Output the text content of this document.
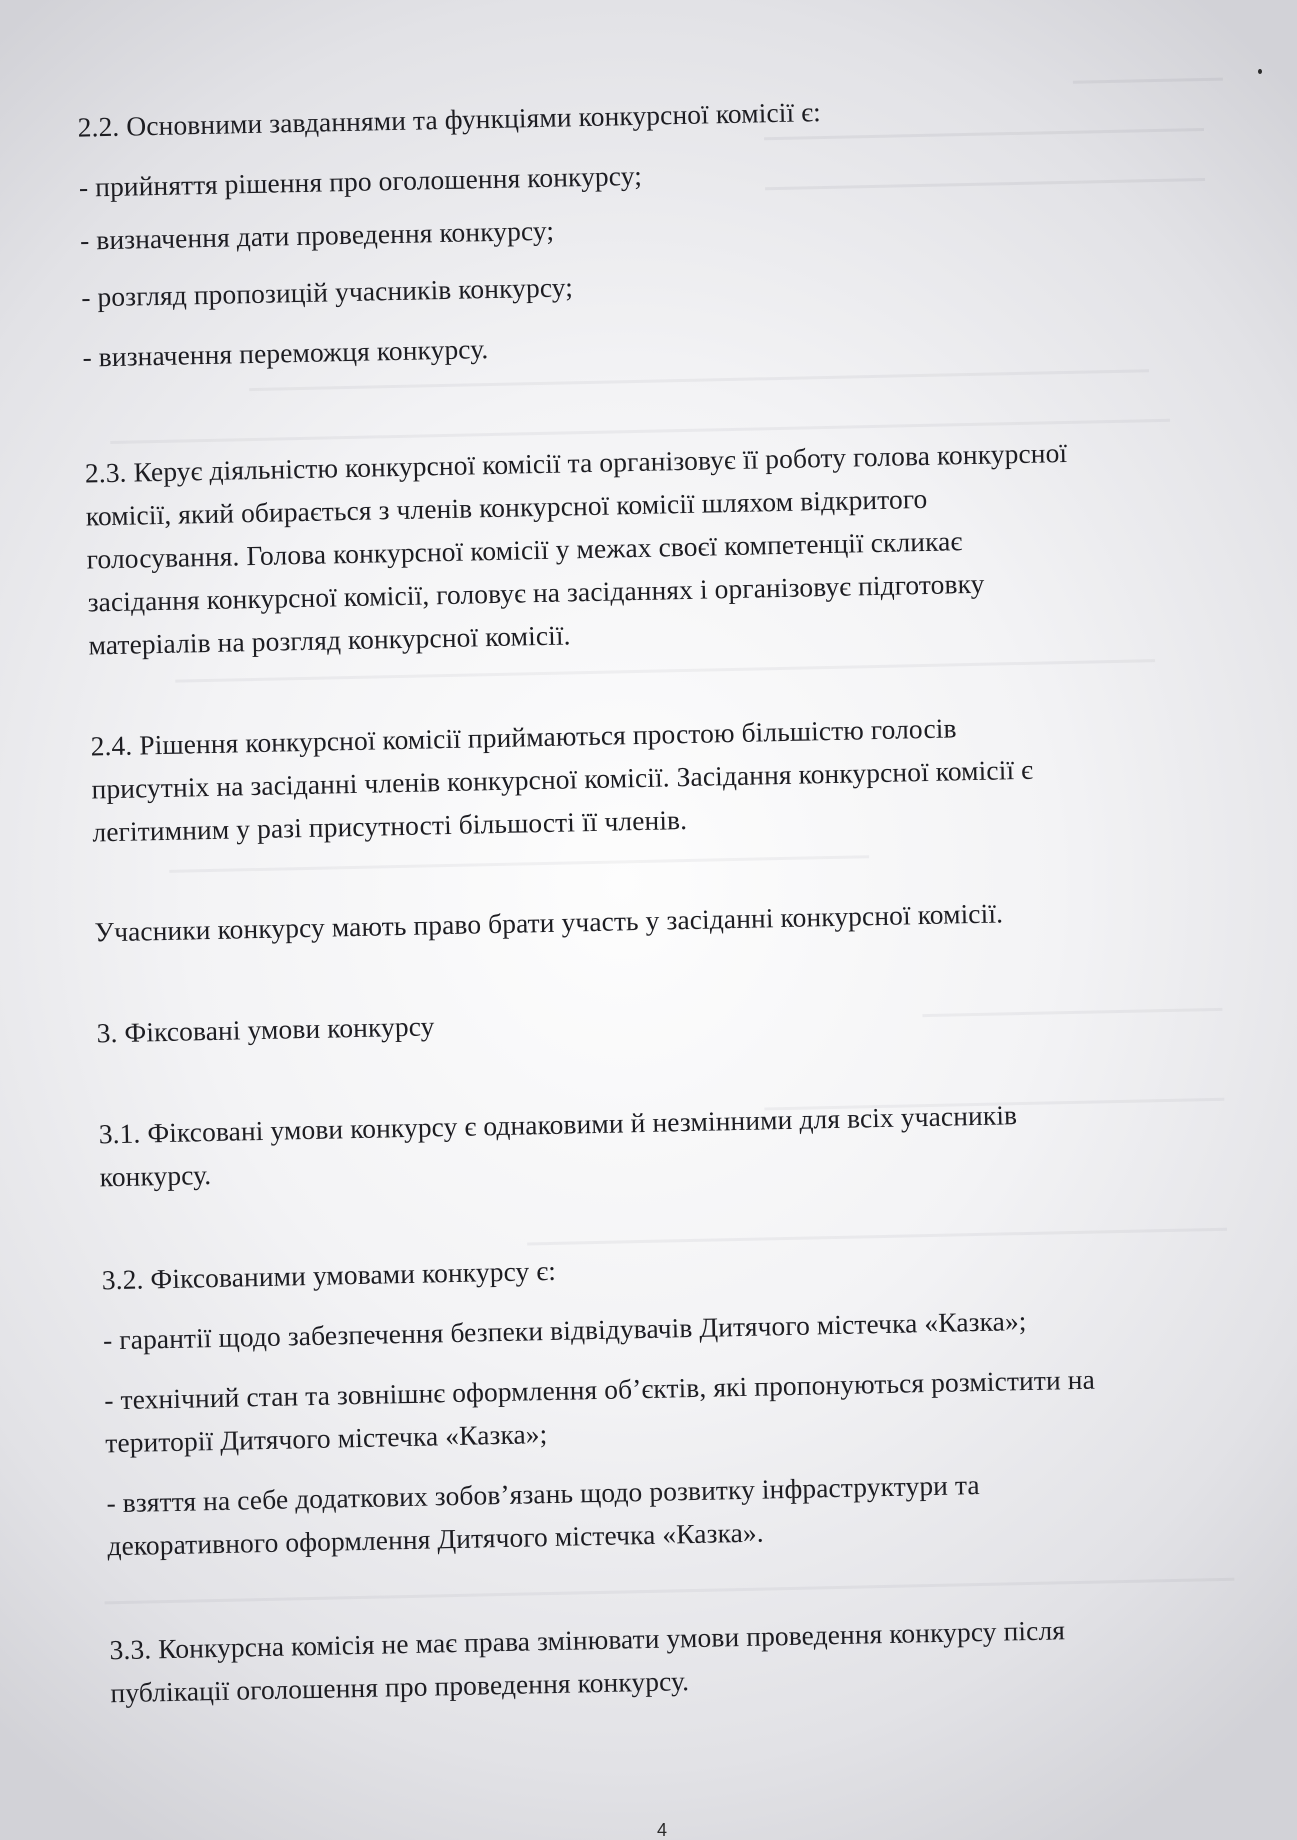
2.2. Основними завданнями та функціями конкурсної комісії є:
- прийняття рішення про оголошення конкурсу;
- визначення дати проведення конкурсу;
- розгляд пропозицій учасників конкурсу;
- визначення переможця конкурсу.
2.3. Керує діяльністю конкурсної комісії та організовує її роботу голова конкурсної
комісії, який обирається з членів конкурсної комісії шляхом відкритого
голосування. Голова конкурсної комісії у межах своєї компетенції скликає
засідання конкурсної комісії, головує на засіданнях і організовує підготовку
матеріалів на розгляд конкурсної комісії.
2.4. Рішення конкурсної комісії приймаються простою більшістю голосів
присутніх на засіданні членів конкурсної комісії. Засідання конкурсної комісії є
легітимним у разі присутності більшості її членів.
Учасники конкурсу мають право брати участь у засіданні конкурсної комісії.
3. Фіксовані умови конкурсу
3.1. Фіксовані умови конкурсу є однаковими й незмінними для всіх учасників
конкурсу.
3.2. Фіксованими умовами конкурсу є:
- гарантії щодо забезпечення безпеки відвідувачів Дитячого містечка «Казка»;
- технічний стан та зовнішнє оформлення об’єктів, які пропонуються розмістити на
території Дитячого містечка «Казка»;
- взяття на себе додаткових зобов’язань щодо розвитку інфраструктури та
декоративного оформлення Дитячого містечка «Казка».
3.3. Конкурсна комісія не має права змінювати умови проведення конкурсу після
публікації оголошення про проведення конкурсу.
4
